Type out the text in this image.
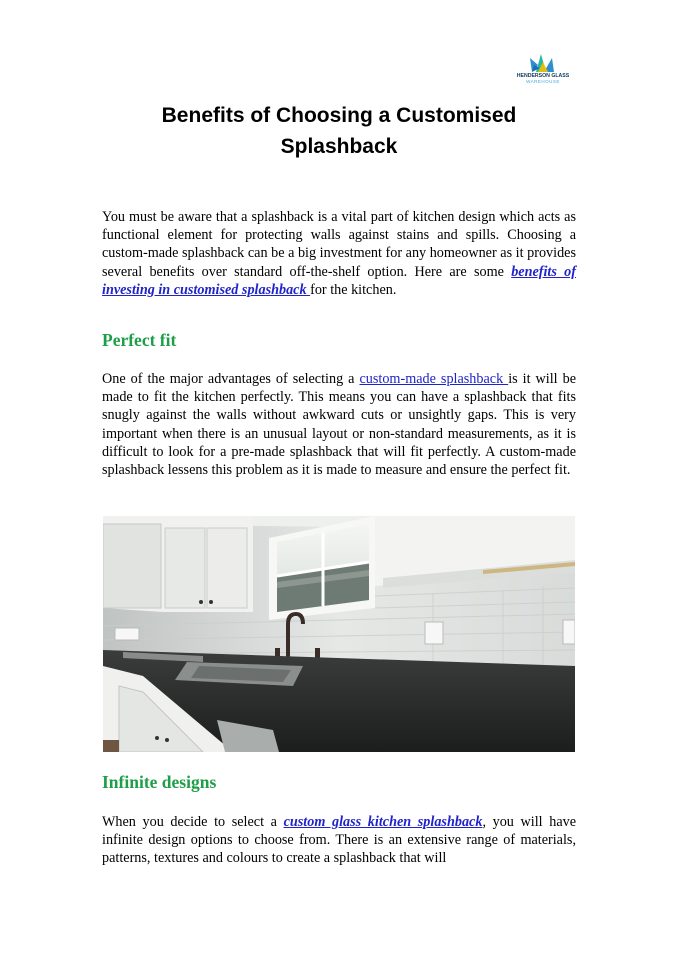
HENDERSON GLASS
WAREHOUSE
Benefits of Choosing a Customised
Splashback

You must be aware that a splashback is a vital part of kitchen design which acts as functional element for protecting walls against stains and spills. Choosing a custom-made splashback can be a big investment for any homeowner as it provides several benefits over standard off-the-shelf option. Here are some benefits of investing in customised splashback for the kitchen.

Perfect fit

One of the major advantages of selecting a custom-made splashback is it will be made to fit the kitchen perfectly. This means you can have a splashback that fits snugly against the walls without awkward cuts or unsightly gaps. This is very important when there is an unusual layout or non-standard measurements, as it is difficult to look for a pre-made splashback that will fit perfectly. A custom-made splashback lessens this problem as it is made to measure and ensure the perfect fit.

Infinite designs

When you decide to select a custom glass kitchen splashback, you will have infinite design options to choose from. There is an extensive range of materials, patterns, textures and colours to create a splashback that will
